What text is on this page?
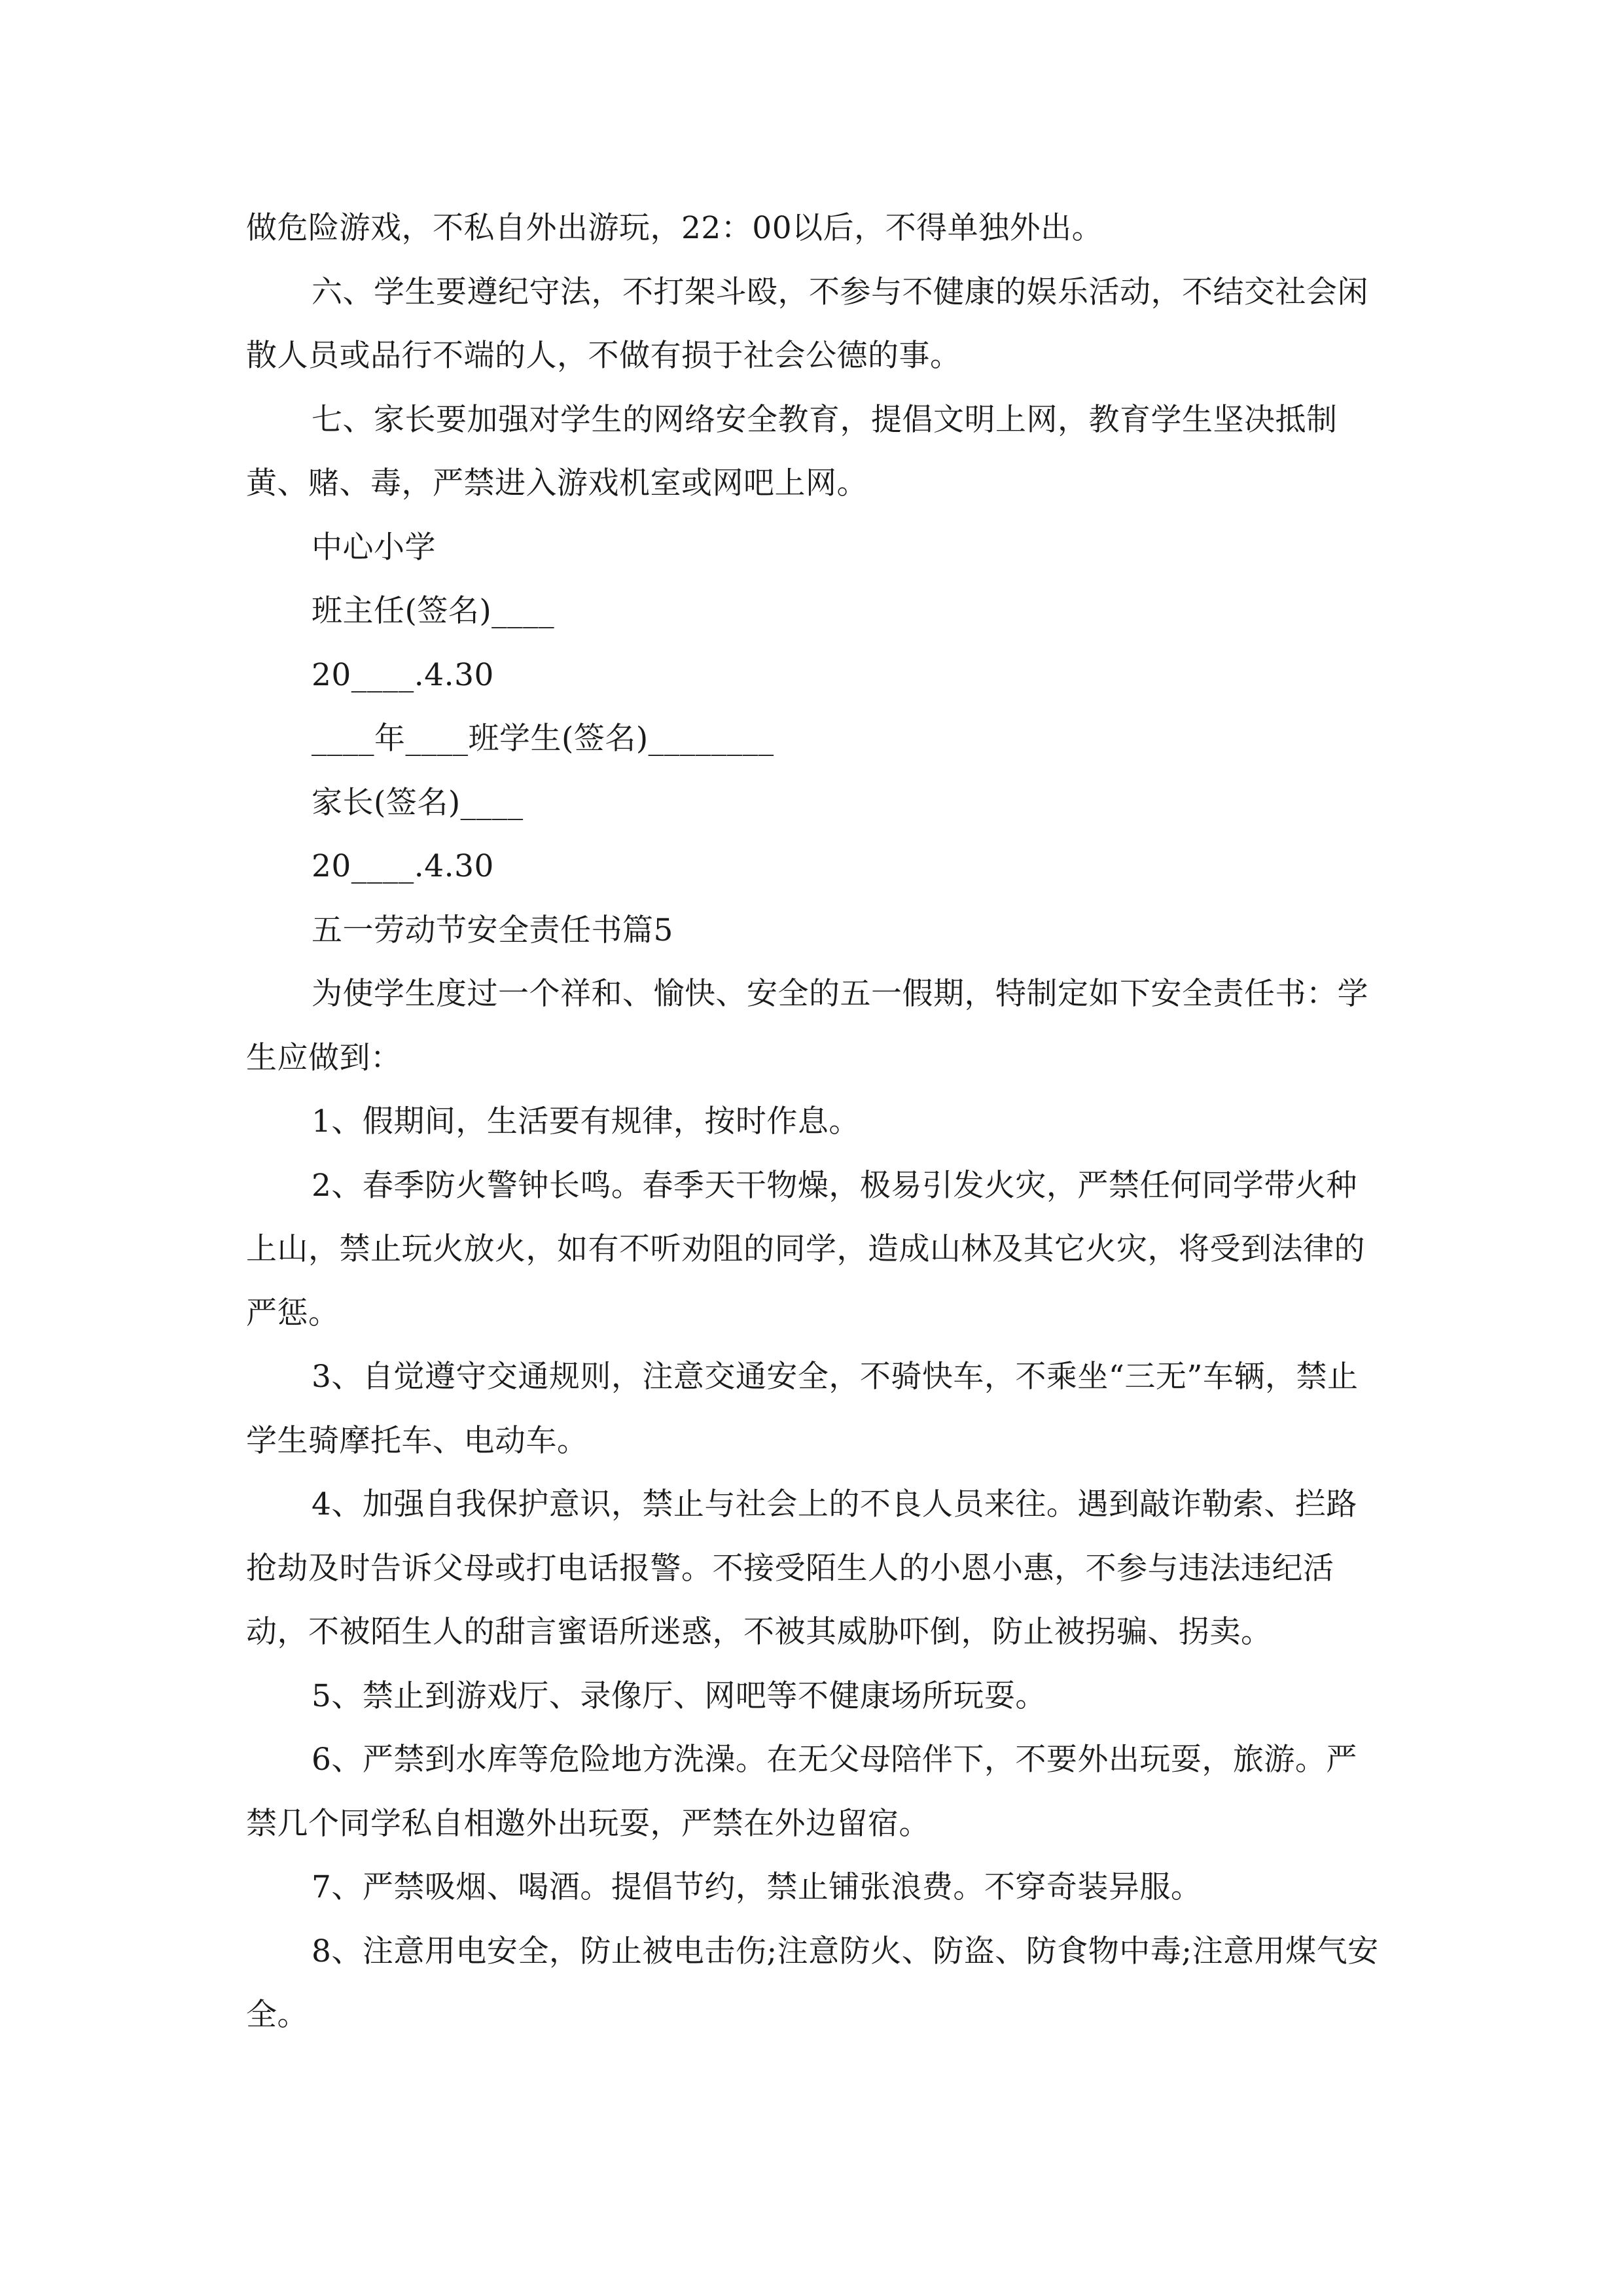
做危险游戏，不私自外出游玩，22：00以后，不得单独外出。

六、学生要遵纪守法，不打架斗殴，不参与不健康的娱乐活动，不结交社会闲散人员或品行不端的人，不做有损于社会公德的事。

七、家长要加强对学生的网络安全教育，提倡文明上网，教育学生坚决抵制黄、赌、毒，严禁进入游戏机室或网吧上网。

中心小学

班主任(签名)____

20____.4.30

____年____班学生(签名)________

家长(签名)____

20____.4.30

五一劳动节安全责任书篇5

为使学生度过一个祥和、愉快、安全的五一假期，特制定如下安全责任书：学生应做到：

1、假期间，生活要有规律，按时作息。

2、春季防火警钟长鸣。春季天干物燥，极易引发火灾，严禁任何同学带火种上山，禁止玩火放火，如有不听劝阻的同学，造成山林及其它火灾，将受到法律的严惩。

3、自觉遵守交通规则，注意交通安全，不骑快车，不乘坐“三无”车辆，禁止学生骑摩托车、电动车。

4、加强自我保护意识，禁止与社会上的不良人员来往。遇到敲诈勒索、拦路抢劫及时告诉父母或打电话报警。不接受陌生人的小恩小惠，不参与违法违纪活动，不被陌生人的甜言蜜语所迷惑，不被其威胁吓倒，防止被拐骗、拐卖。

5、禁止到游戏厅、录像厅、网吧等不健康场所玩耍。

6、严禁到水库等危险地方洗澡。在无父母陪伴下，不要外出玩耍，旅游。严禁几个同学私自相邀外出玩耍，严禁在外边留宿。

7、严禁吸烟、喝酒。提倡节约，禁止铺张浪费。不穿奇装异服。

8、注意用电安全，防止被电击伤;注意防火、防盗、防食物中毒;注意用煤气安全。
